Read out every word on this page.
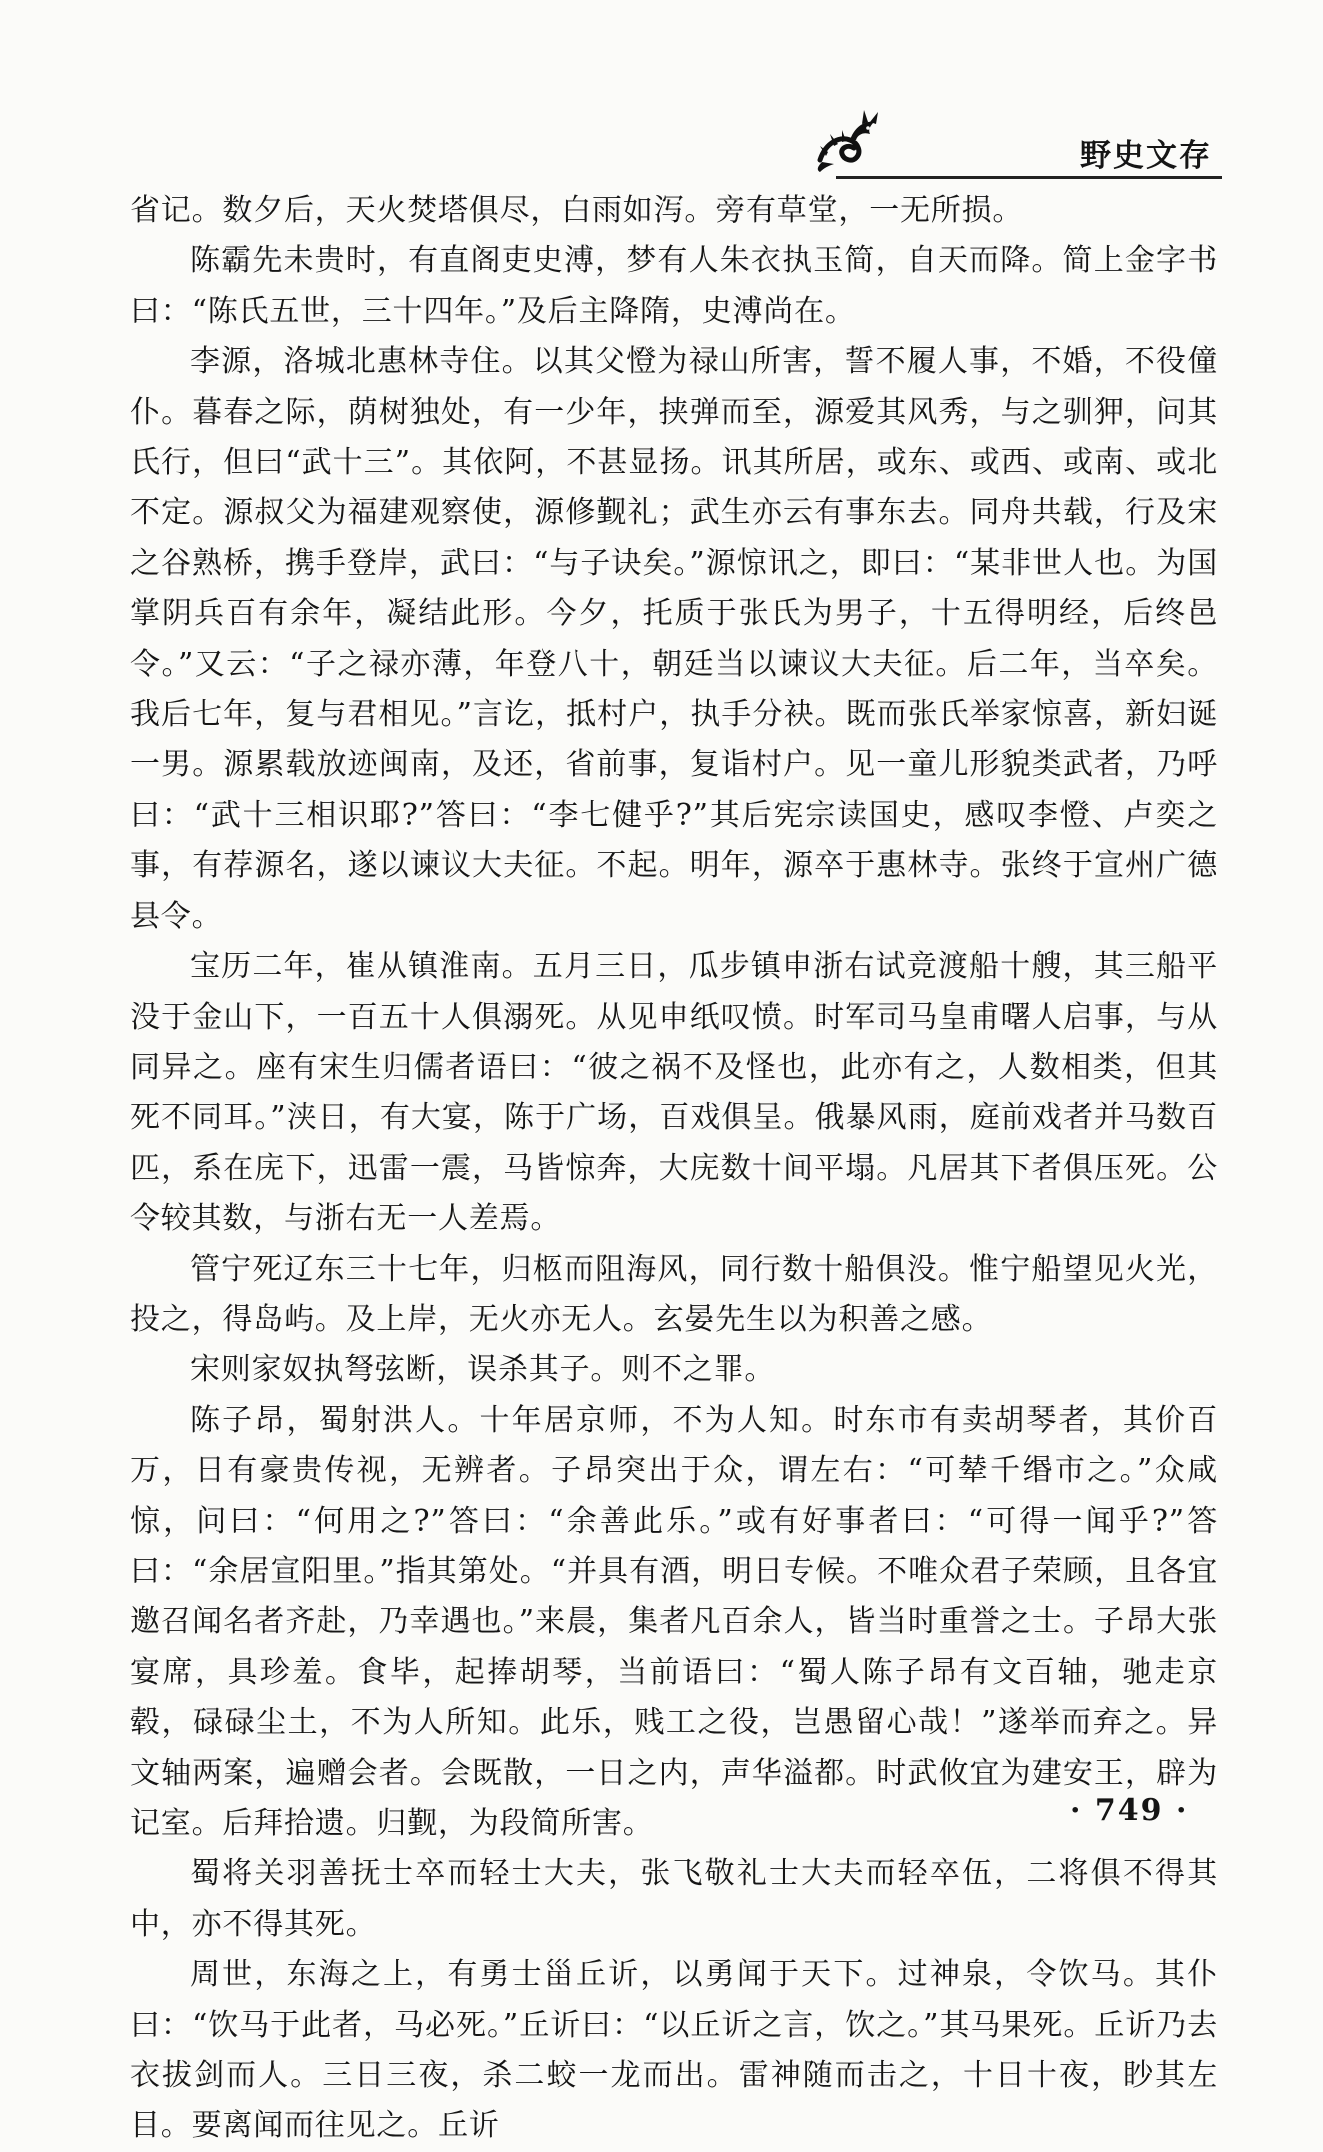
野史文存

省记。数夕后，天火焚塔俱尽，白雨如泻。旁有草堂，一无所损。

陈霸先未贵时，有直阁吏史溥，梦有人朱衣执玉简，自天而降。简上金字书曰：“陈氏五世，三十四年。”及后主降隋，史溥尚在。

李源，洛城北惠林寺住。以其父憕为禄山所害，誓不履人事，不婚，不役僮仆。暮春之际，荫树独处，有一少年，挟弹而至，源爱其风秀，与之驯狎，问其氏行，但曰“武十三”。其依阿，不甚显扬。讯其所居，或东、或西、或南、或北不定。源叔父为福建观察使，源修觐礼；武生亦云有事东去。同舟共载，行及宋之谷熟桥，携手登岸，武曰：“与子诀矣。”源惊讯之，即曰：“某非世人也。为国掌阴兵百有余年，凝结此形。今夕，托质于张氏为男子，十五得明经，后终邑令。”又云：“子之禄亦薄，年登八十，朝廷当以谏议大夫征。后二年，当卒矣。我后七年，复与君相见。”言讫，抵村户，执手分袂。既而张氏举家惊喜，新妇诞一男。源累载放迹闽南，及还，省前事，复诣村户。见一童儿形貌类武者，乃呼曰：“武十三相识耶?”答曰：“李七健乎?”其后宪宗读国史，感叹李憕、卢奕之事，有荐源名，遂以谏议大夫征。不起。明年，源卒于惠林寺。张终于宣州广德县令。

宝历二年，崔从镇淮南。五月三日，瓜步镇申浙右试竞渡船十艘，其三船平没于金山下，一百五十人俱溺死。从见申纸叹愤。时军司马皇甫曙人启事，与从同异之。座有宋生归儒者语曰：“彼之祸不及怪也，此亦有之，人数相类，但其死不同耳。”浃日，有大宴，陈于广场，百戏俱呈。俄暴风雨，庭前戏者并马数百匹，系在庑下，迅雷一震，马皆惊奔，大庑数十间平塌。凡居其下者俱压死。公令较其数，与浙右无一人差焉。

管宁死辽东三十七年，归柩而阻海风，同行数十船俱没。惟宁船望见火光，投之，得岛屿。及上岸，无火亦无人。玄晏先生以为积善之感。

宋则家奴执弩弦断，误杀其子。则不之罪。

陈子昂，蜀射洪人。十年居京师，不为人知。时东市有卖胡琴者，其价百万，日有豪贵传视，无辨者。子昂突出于众，谓左右：“可辇千缗市之。”众咸惊，问曰：“何用之?”答曰：“余善此乐。”或有好事者曰：“可得一闻乎?”答曰：“余居宣阳里。”指其第处。“并具有酒，明日专候。不唯众君子荣顾，且各宜邀召闻名者齐赴，乃幸遇也。”来晨，集者凡百余人，皆当时重誉之士。子昂大张宴席，具珍羞。食毕，起捧胡琴，当前语曰：“蜀人陈子昂有文百轴，驰走京毂，碌碌尘土，不为人所知。此乐，贱工之役，岂愚留心哉！”遂举而弃之。异文轴两案，遍赠会者。会既散，一日之内，声华溢都。时武攸宜为建安王，辟为记室。后拜拾遗。归觐，为段简所害。

蜀将关羽善抚士卒而轻士大夫，张飞敬礼士大夫而轻卒伍，二将俱不得其中，亦不得其死。

周世，东海之上，有勇士甾丘䜣，以勇闻于天下。过神泉，令饮马。其仆曰：“饮马于此者，马必死。”丘䜣曰：“以丘䜣之言，饮之。”其马果死。丘䜣乃去衣拔剑而人。三日三夜，杀二蛟一龙而出。雷神随而击之，十日十夜，眇其左目。要离闻而往见之。丘䜣

· 749 ·
